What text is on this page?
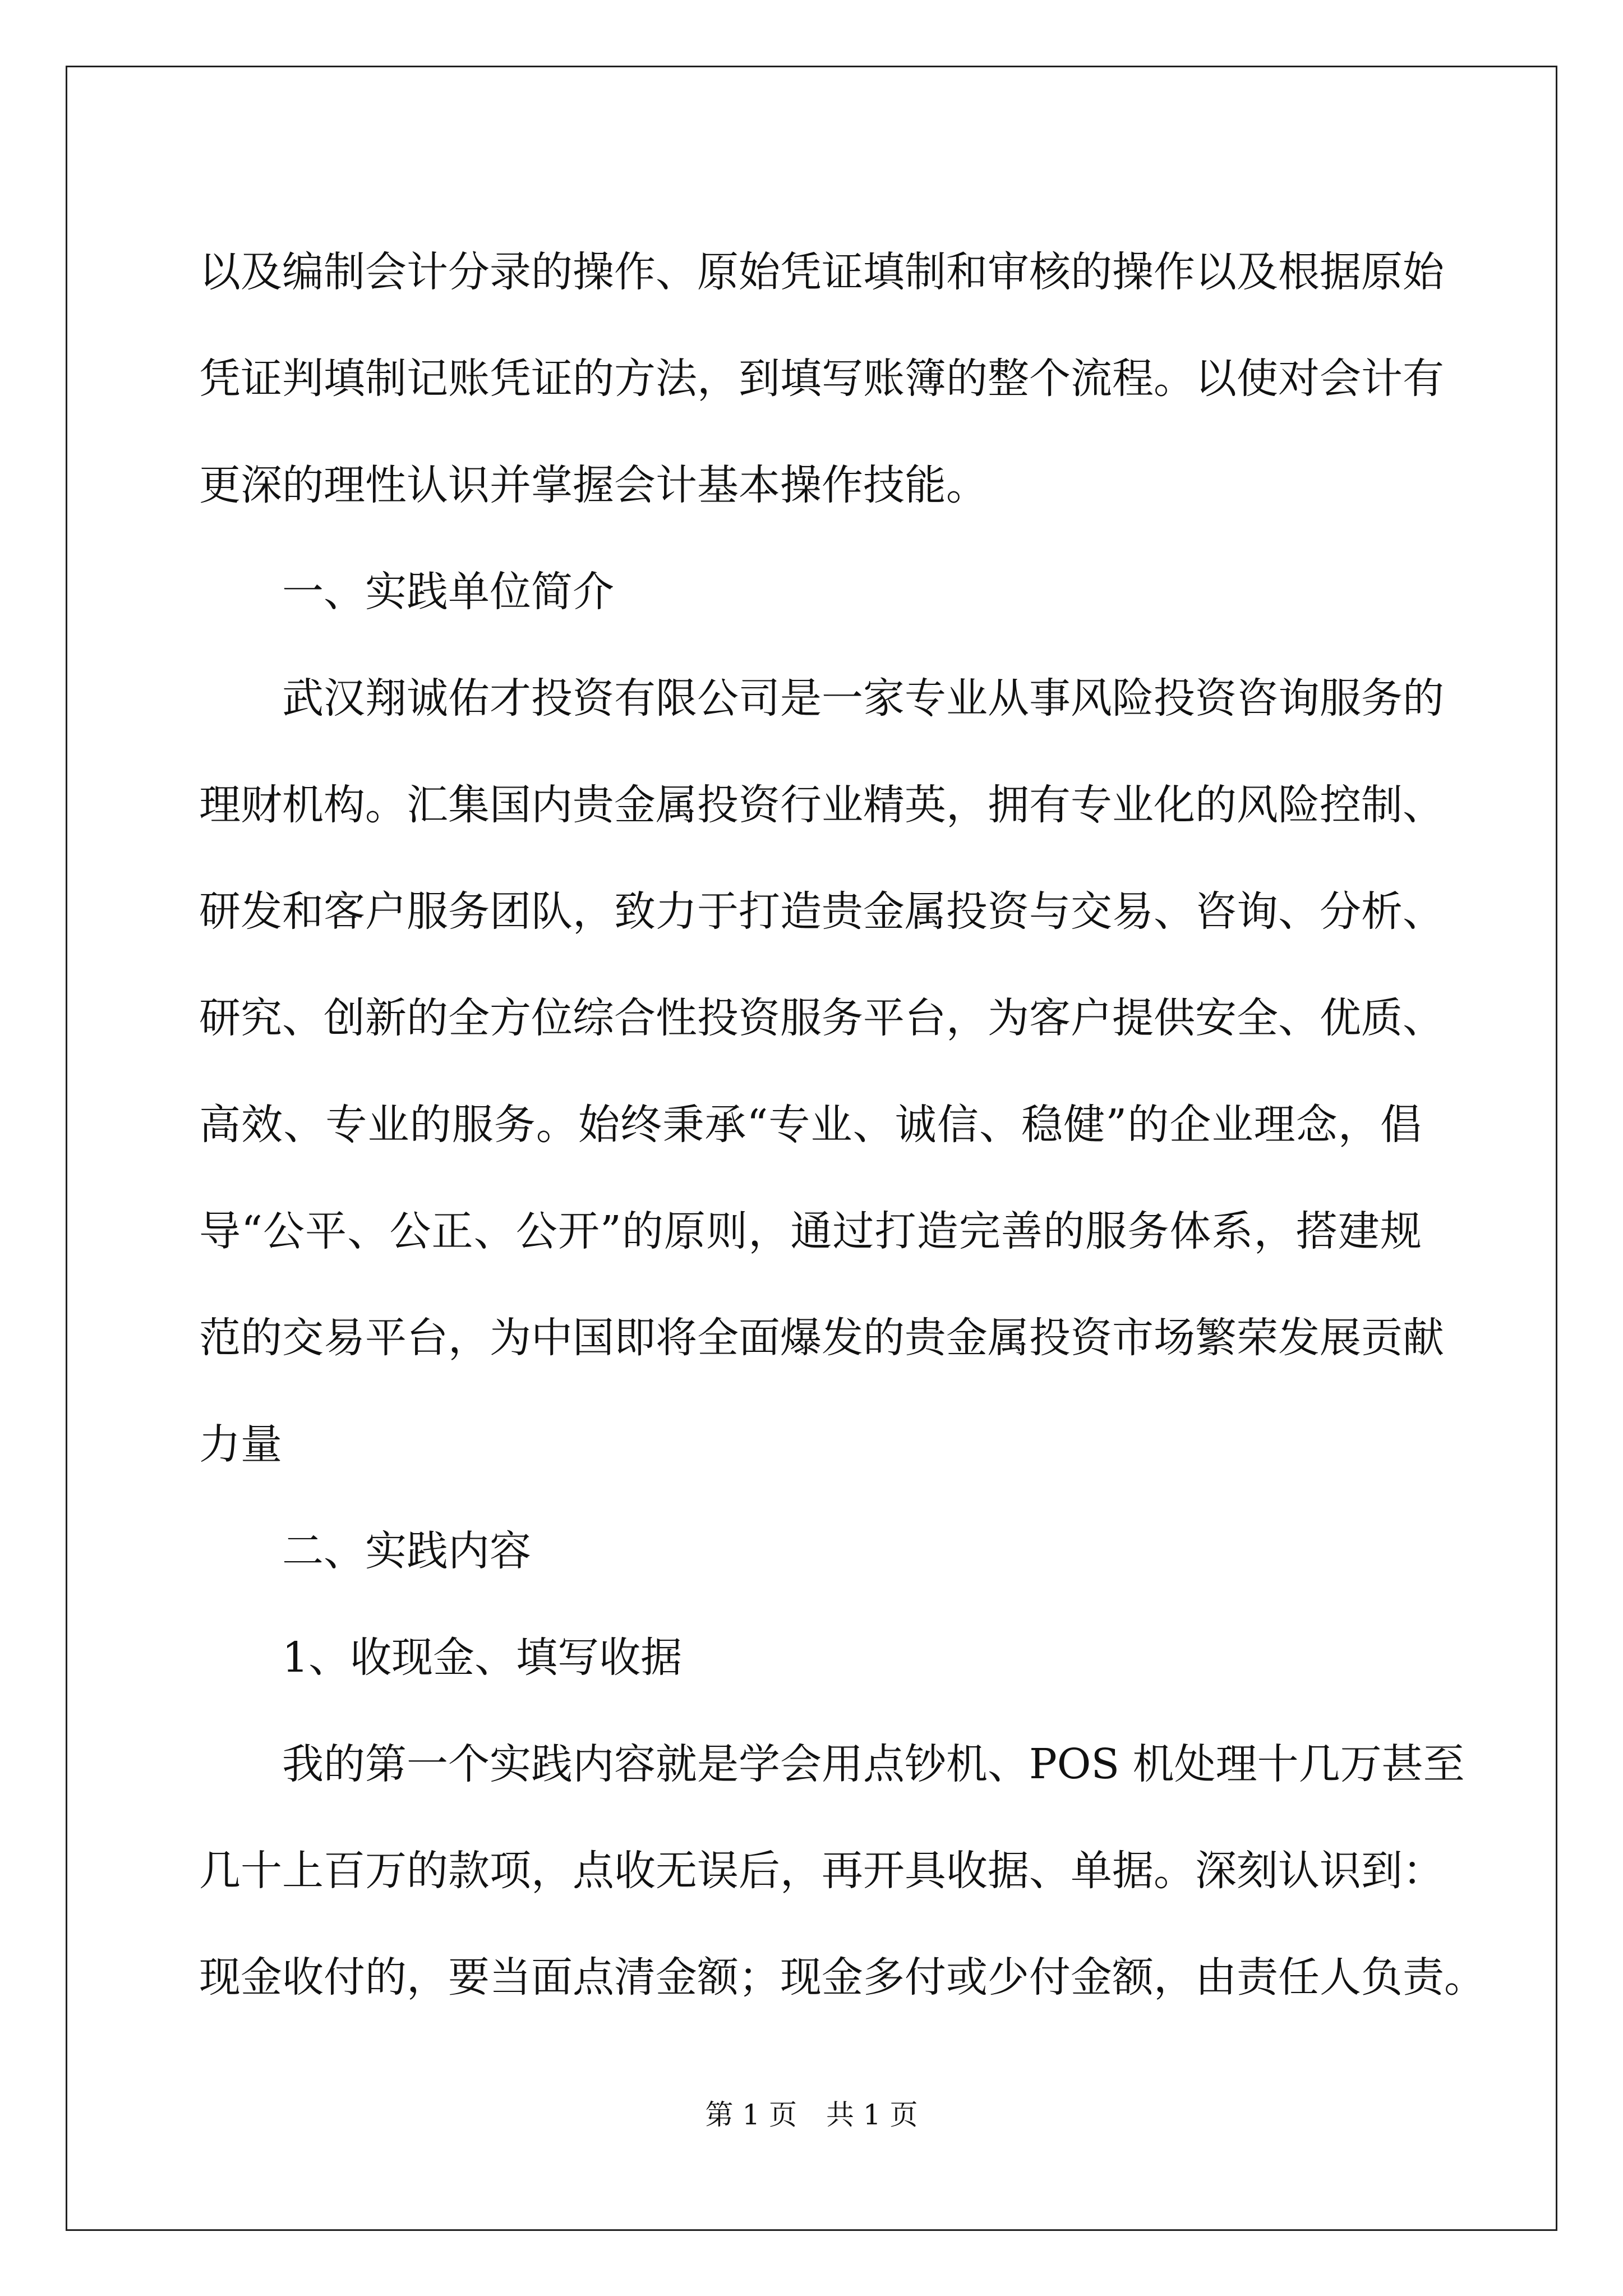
以及编制会计分录的操作、原始凭证填制和审核的操作以及根据原始
凭证判填制记账凭证的方法，到填写账簿的整个流程。以使对会计有
更深的理性认识并掌握会计基本操作技能。
一、实践单位简介
武汉翔诚佑才投资有限公司是一家专业从事风险投资咨询服务的
理财机构。汇集国内贵金属投资行业精英，拥有专业化的风险控制、
研发和客户服务团队，致力于打造贵金属投资与交易、咨询、分析、
研究、创新的全方位综合性投资服务平台，为客户提供安全、优质、
高效、专业的服务。始终秉承“专业、诚信、稳健”的企业理念，倡
导“公平、公正、公开”的原则，通过打造完善的服务体系，搭建规
范的交易平台，为中国即将全面爆发的贵金属投资市场繁荣发展贡献
力量
二、实践内容
1、收现金、填写收据
我的第一个实践内容就是学会用点钞机、POS 机处理十几万甚至
几十上百万的款项，点收无误后，再开具收据、单据。深刻认识到：
现金收付的，要当面点清金额；现金多付或少付金额，由责任人负责。
第 1 页 共 1 页
